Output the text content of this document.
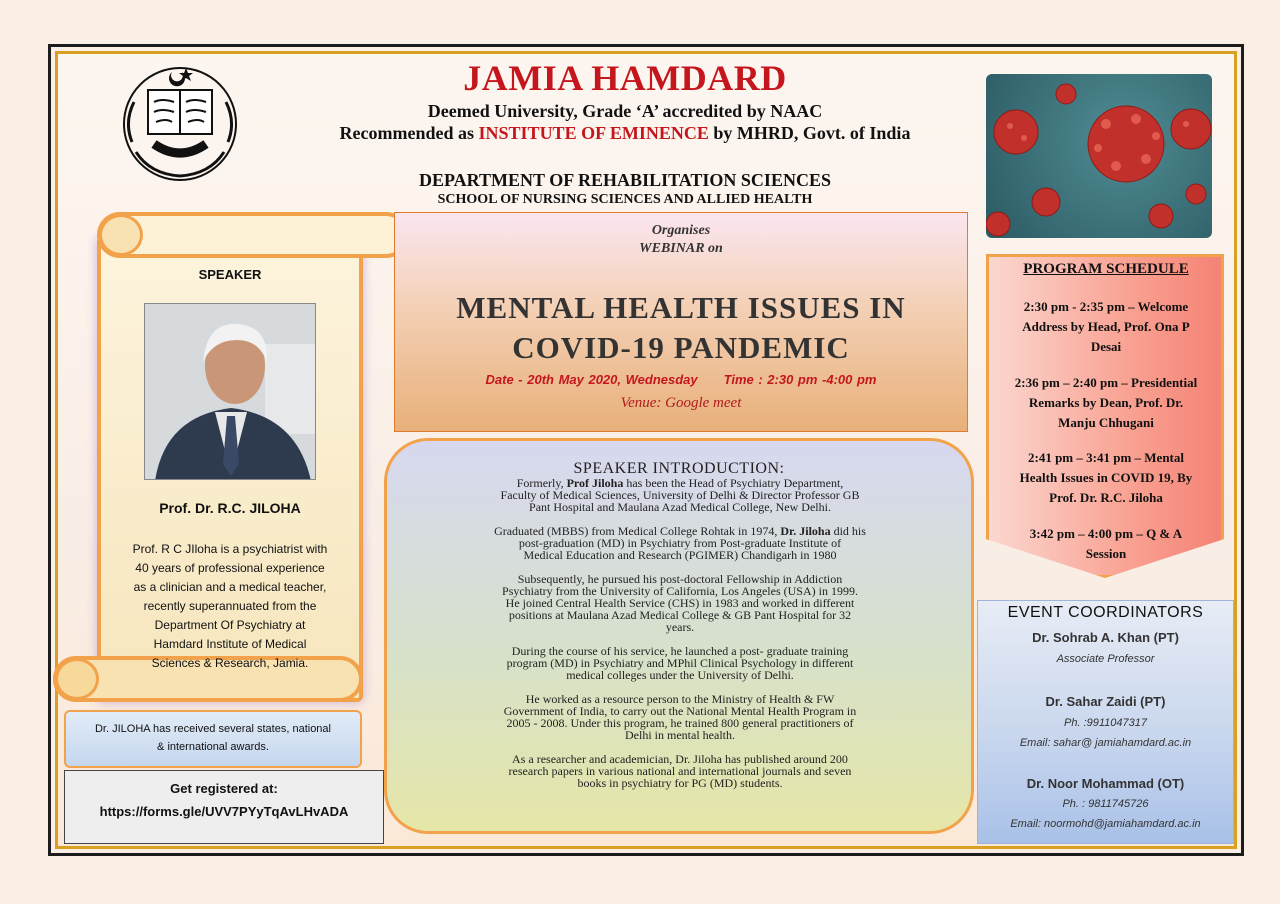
JAMIA HAMDARD
Deemed University, Grade ‘A’ accredited by NAAC
Recommended as INSTITUTE OF EMINENCE by MHRD, Govt. of India
DEPARTMENT OF REHABILITATION SCIENCES
SCHOOL OF NURSING SCIENCES AND ALLIED HEALTH
SPEAKER
Prof. Dr. R.C. JILOHA
Prof. R C JIloha is a psychiatrist with
40 years of professional experience
as a clinician and a medical teacher,
recently superannuated from the
Department Of Psychiatry at
Hamdard Institute of Medical
Sciences & Research, Jamia.
Dr. JILOHA has received several states, national
& international awards.
Get registered at:
https://forms.gle/UVV7PYyTqAvLHvADA
Organises
WEBINAR on
MENTAL HEALTH ISSUES IN
COVID-19 PANDEMIC
Date - 20th May 2020, Wednesday Time : 2:30 pm -4:00 pm
Venue: Google meet
SPEAKER INTRODUCTION:

Formerly, Prof Jiloha has been the Head of Psychiatry Department,
Faculty of Medical Sciences, University of Delhi & Director Professor GB
Pant Hospital and Maulana Azad Medical College, New Delhi.

Graduated (MBBS) from Medical College Rohtak in 1974, Dr. Jiloha did his
post-graduation (MD) in Psychiatry from Post-graduate Institute of
Medical Education and Research (PGIMER) Chandigarh in 1980

Subsequently, he pursued his post-doctoral Fellowship in Addiction
Psychiatry from the University of California, Los Angeles (USA) in 1999.
He joined Central Health Service (CHS) in 1983 and worked in different
positions at Maulana Azad Medical College & GB Pant Hospital for 32
years.

During the course of his service, he launched a post- graduate training
program (MD) in Psychiatry and MPhil Clinical Psychology in different
medical colleges under the University of Delhi.

He worked as a resource person to the Ministry of Health & FW
Government of India, to carry out the National Mental Health Program in
2005 - 2008. Under this program, he trained 800 general practitioners of
Delhi in mental health.

As a researcher and academician, Dr. Jiloha has published around 200
research papers in various national and international journals and seven
books in psychiatry for PG (MD) students.

PROGRAM SCHEDULE
2:30 pm - 2:35 pm – Welcome
Address by Head, Prof. Ona P
Desai
2:36 pm – 2:40 pm – Presidential
Remarks by Dean, Prof. Dr.
Manju Chhugani
2:41 pm – 3:41 pm – Mental
Health Issues in COVID 19, By
Prof. Dr. R.C. Jiloha
3:42 pm – 4:00 pm – Q & A
Session
EVENT COORDINATORS
Dr. Sohrab A. Khan (PT)
Associate Professor
Dr. Sahar Zaidi (PT)
Ph. :9911047317
Email: sahar@ jamiahamdard.ac.in
Dr. Noor Mohammad (OT)
Ph. : 9811745726
Email: noormohd@jamiahamdard.ac.in
